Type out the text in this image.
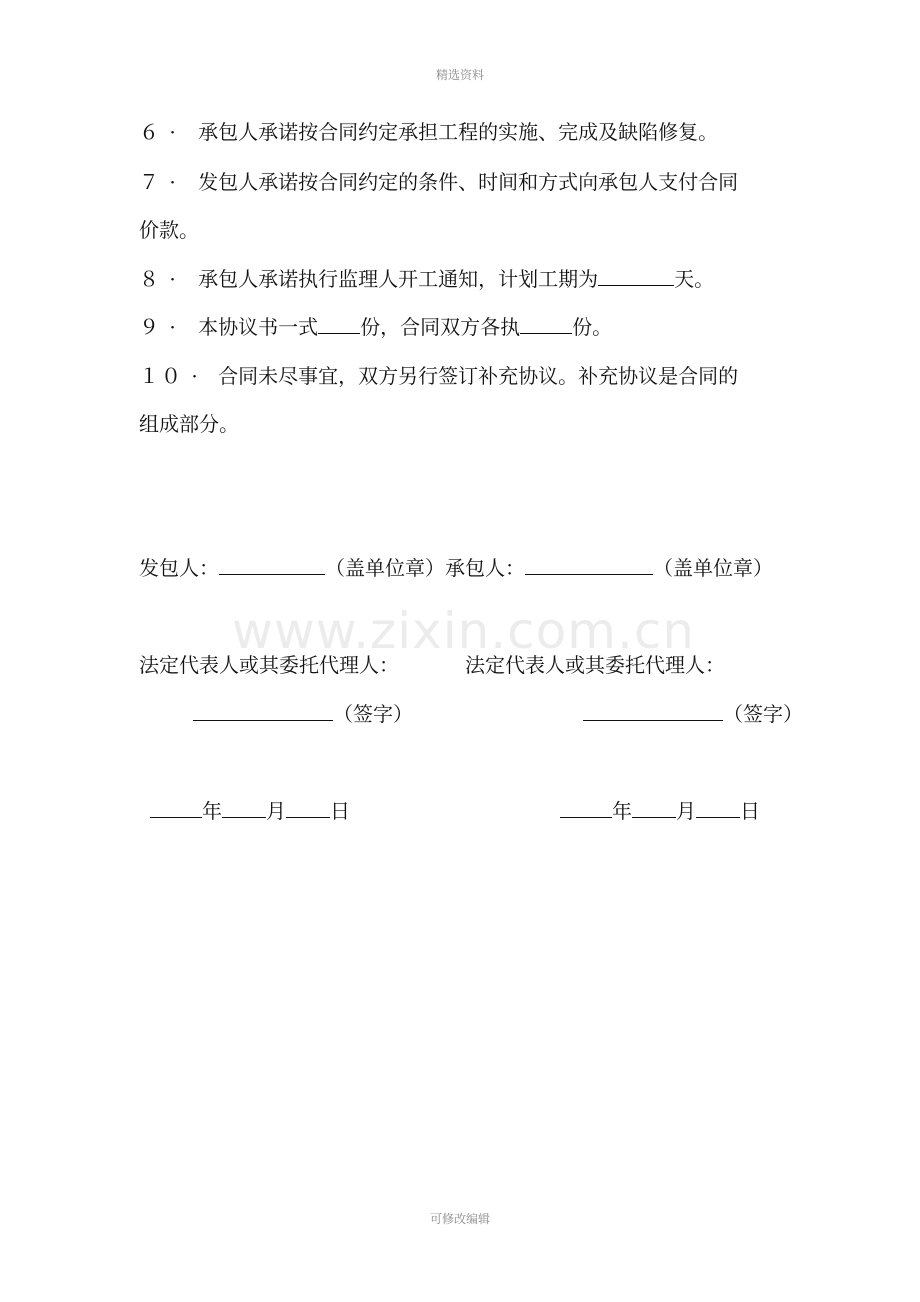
精选资料
６ · 承包人承诺按合同约定承担工程的实施、完成及缺陷修复。
７ · 发包人承诺按合同约定的条件、时间和方式向承包人支付合同
价款。
８ · 承包人承诺执行监理人开工通知，计划工期为	天。
９ · 本协议书一式 份，合同双方各执	份。
１０ · 合同未尽事宜，双方另行签订补充协议。补充协议是合同的
组成部分。
www.zixin.com.cn
发包人：	（盖单位章）承包人：	（盖单位章）
法定代表人或其委托代理人：	法定代表人或其委托代理人：
（签字）	（签字）
年 月 日	年 月 日
可修改编辑
